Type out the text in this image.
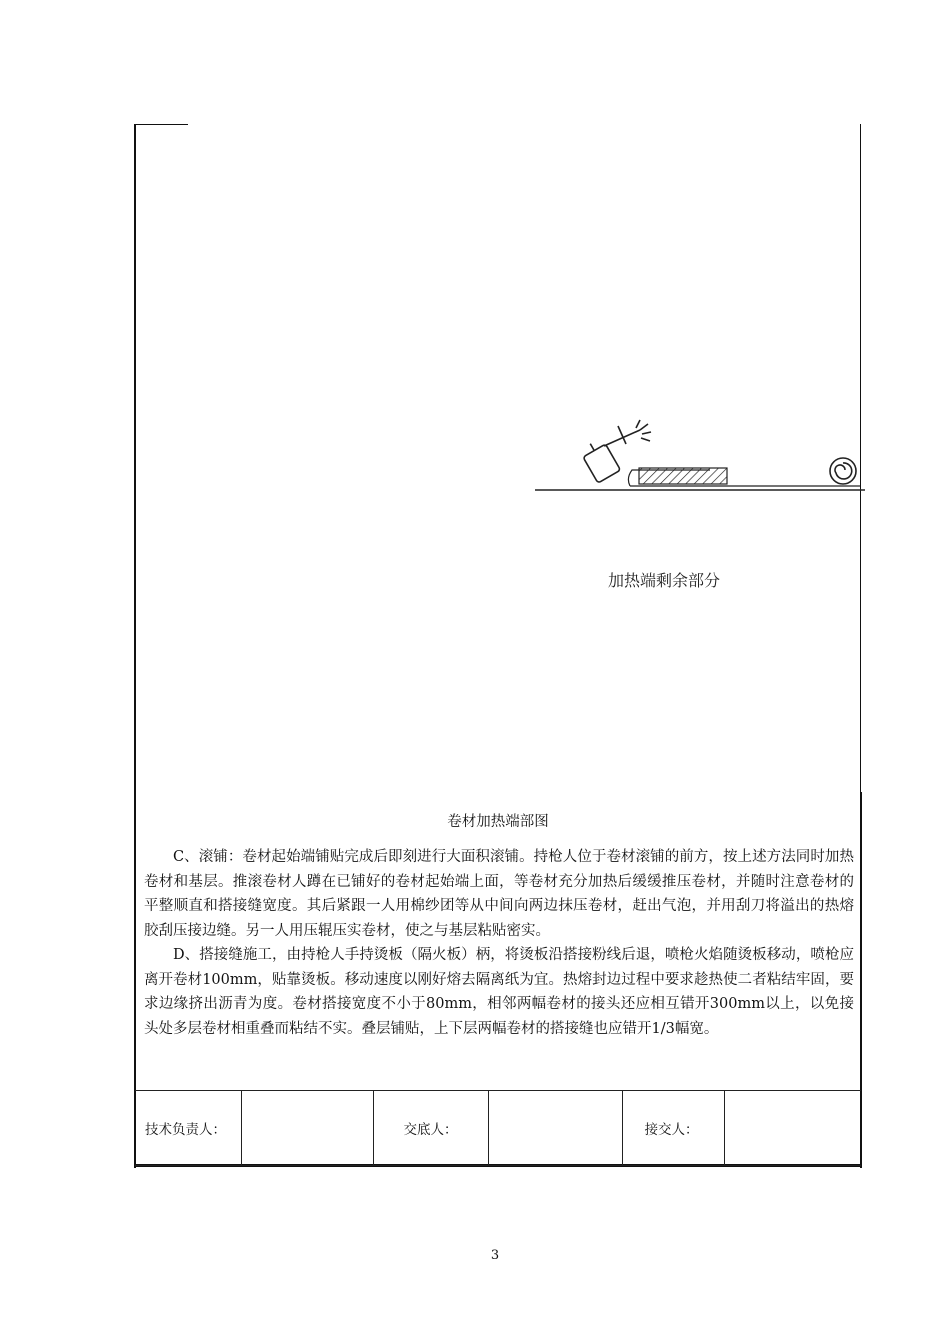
加热端剩余部分
卷材加热端部图

C、滚铺：卷材起始端铺贴完成后即刻进行大面积滚铺。持枪人位于卷材滚铺的前方，按上述方法同时加热卷材和基层。推滚卷材人蹲在已铺好的卷材起始端上面，等卷材充分加热后缓缓推压卷材，并随时注意卷材的平整顺直和搭接缝宽度。其后紧跟一人用棉纱团等从中间向两边抹压卷材，赶出气泡，并用刮刀将溢出的热熔胶刮压接边缝。另一人用压辊压实卷材，使之与基层粘贴密实。

D、搭接缝施工，由持枪人手持烫板（隔火板）柄，将烫板沿搭接粉线后退，喷枪火焰随烫板移动，喷枪应离开卷材100mm，贴靠烫板。移动速度以刚好熔去隔离纸为宜。热熔封边过程中要求趁热使二者粘结牢固，要求边缘挤出沥青为度。卷材搭接宽度不小于80mm，相邻两幅卷材的接头还应相互错开300mm以上，以免接头处多层卷材相重叠而粘结不实。叠层铺贴，上下层两幅卷材的搭接缝也应错开1/3幅宽。

技术负责人：		交底人：		接交人：	
3
